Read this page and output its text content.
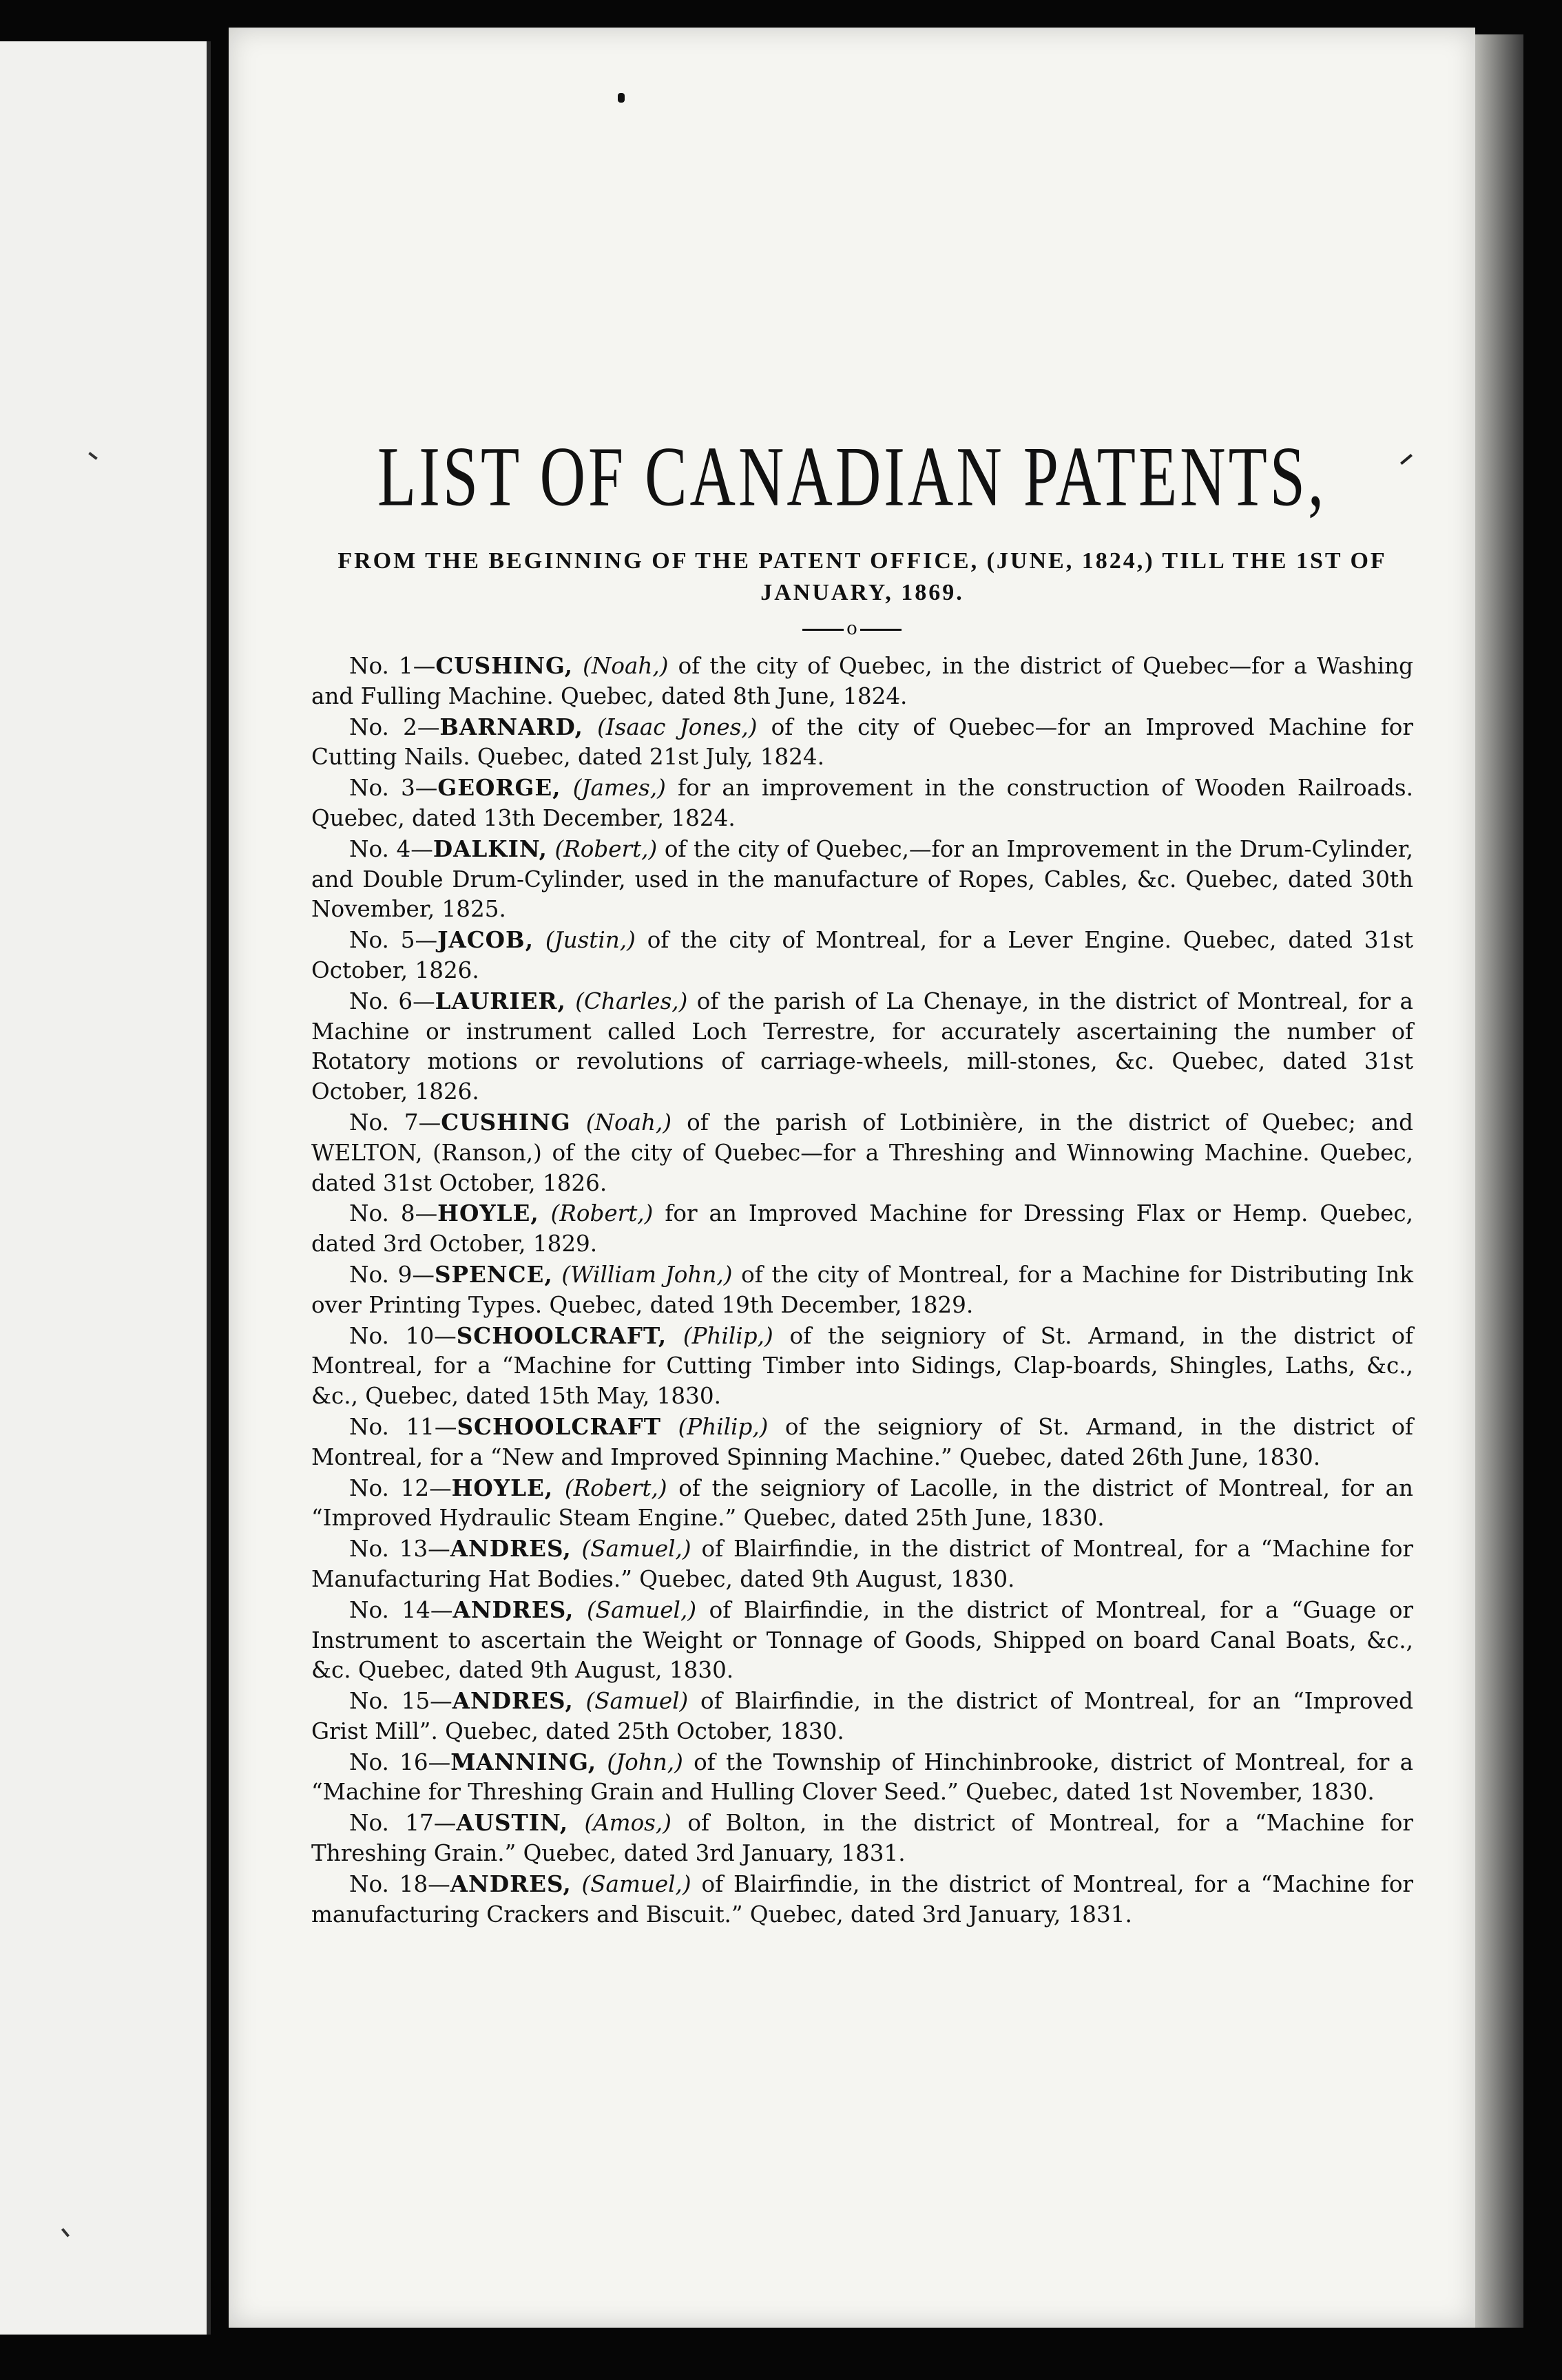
LIST OF CANADIAN PATENTS,
FROM THE BEGINNING OF THE PATENT OFFICE, (JUNE, 1824,) TILL THE 1ST OF JANUARY, 1869.
o

No. 1—CUSHING, (Noah,) of the city of Quebec, in the district of Quebec—for a Washing and Fulling Machine. Quebec, dated 8th June, 1824.

No. 2—BARNARD, (Isaac Jones,) of the city of Quebec—for an Improved Machine for Cutting Nails. Quebec, dated 21st July, 1824.

No. 3—GEORGE, (James,) for an improvement in the construction of Wooden Railroads. Quebec, dated 13th December, 1824.

No. 4—DALKIN, (Robert,) of the city of Quebec,—for an Improvement in the Drum-Cylinder, and Double Drum-Cylinder, used in the manufacture of Ropes, Cables, &c. Quebec, dated 30th November, 1825.

No. 5—JACOB, (Justin,) of the city of Montreal, for a Lever Engine. Quebec, dated 31st October, 1826.

No. 6—LAURIER, (Charles,) of the parish of La Chenaye, in the district of Montreal, for a Machine or instrument called Loch Terrestre, for accurately ascertaining the number of Rotatory motions or revolutions of carriage-wheels, mill-stones, &c. Quebec, dated 31st October, 1826.

No. 7—CUSHING (Noah,) of the parish of Lotbinière, in the district of Quebec; and WELTON, (Ranson,) of the city of Quebec—for a Threshing and Winnowing Machine. Quebec, dated 31st October, 1826.

No. 8—HOYLE, (Robert,) for an Improved Machine for Dressing Flax or Hemp. Quebec, dated 3rd October, 1829.

No. 9—SPENCE, (William John,) of the city of Montreal, for a Machine for Distributing Ink over Printing Types. Quebec, dated 19th December, 1829.

No. 10—SCHOOLCRAFT, (Philip,) of the seigniory of St. Armand, in the district of Montreal, for a “Machine for Cutting Timber into Sidings, Clap-boards, Shingles, Laths, &c., &c., Quebec, dated 15th May, 1830.

No. 11—SCHOOLCRAFT (Philip,) of the seigniory of St. Armand, in the district of Montreal, for a “New and Improved Spinning Machine.” Quebec, dated 26th June, 1830.

No. 12—HOYLE, (Robert,) of the seigniory of Lacolle, in the district of Montreal, for an “Improved Hydraulic Steam Engine.” Quebec, dated 25th June, 1830.

No. 13—ANDRES, (Samuel,) of Blairfindie, in the district of Montreal, for a “Machine for Manufacturing Hat Bodies.” Quebec, dated 9th August, 1830.

No. 14—ANDRES, (Samuel,) of Blairfindie, in the district of Montreal, for a “Guage or Instrument to ascertain the Weight or Tonnage of Goods, Shipped on board Canal Boats, &c., &c. Quebec, dated 9th August, 1830.

No. 15—ANDRES, (Samuel) of Blairfindie, in the district of Montreal, for an “Improved Grist Mill”. Quebec, dated 25th October, 1830.

No. 16—MANNING, (John,) of the Township of Hinchinbrooke, district of Montreal, for a “Machine for Threshing Grain and Hulling Clover Seed.” Quebec, dated 1st November, 1830.

No. 17—AUSTIN, (Amos,) of Bolton, in the district of Montreal, for a “Machine for Threshing Grain.” Quebec, dated 3rd January, 1831.

No. 18—ANDRES, (Samuel,) of Blairfindie, in the district of Montreal, for a “Machine for manufacturing Crackers and Biscuit.” Quebec, dated 3rd January, 1831.
